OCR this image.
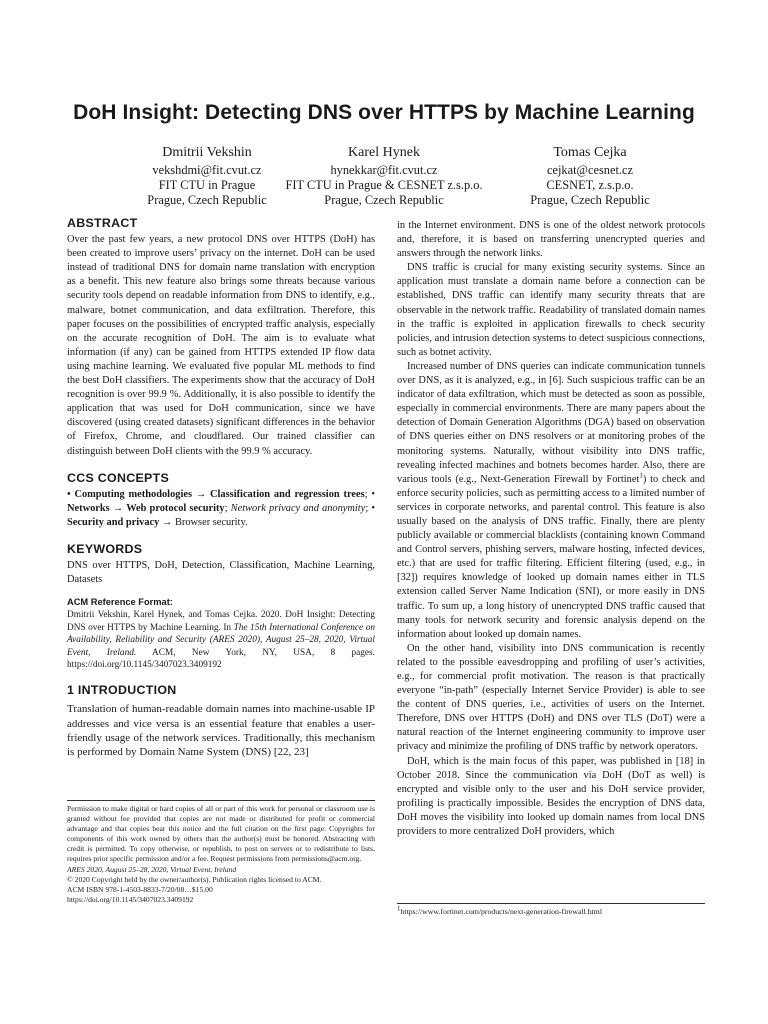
DoH Insight: Detecting DNS over HTTPS by Machine Learning
Dmitrii Vekshin
vekshdmi@fit.cvut.cz
FIT CTU in Prague
Prague, Czech Republic
Karel Hynek
hynekkar@fit.cvut.cz
FIT CTU in Prague & CESNET z.s.p.o.
Prague, Czech Republic
Tomas Cejka
cejkat@cesnet.cz
CESNET, z.s.p.o.
Prague, Czech Republic
ABSTRACT

Over the past few years, a new protocol DNS over HTTPS (DoH) has been created to improve users’ privacy on the internet. DoH can be used instead of traditional DNS for domain name translation with encryption as a benefit. This new feature also brings some threats because various security tools depend on readable information from DNS to identify, e.g., malware, botnet communication, and data exfiltration. Therefore, this paper focuses on the possibilities of encrypted traffic analysis, especially on the accurate recognition of DoH. The aim is to evaluate what information (if any) can be gained from HTTPS extended IP flow data using machine learning. We evaluated five popular ML methods to find the best DoH classifiers. The experiments show that the accuracy of DoH recognition is over 99.9 %. Additionally, it is also possible to identify the application that was used for DoH communication, since we have discovered (using created datasets) significant differences in the behavior of Firefox, Chrome, and cloudflared. Our trained classifier can distinguish between DoH clients with the 99.9 % accuracy.

CCS CONCEPTS

• Computing methodologies → Classification and regression trees; • Networks → Web protocol security; Network privacy and anonymity; • Security and privacy → Browser security.

KEYWORDS

DNS over HTTPS, DoH, Detection, Classification, Machine Learning, Datasets

ACM Reference Format:

Dmitrii Vekshin, Karel Hynek, and Tomas Cejka. 2020. DoH Insight: Detecting DNS over HTTPS by Machine Learning. In The 15th International Conference on Availability, Reliability and Security (ARES 2020), August 25–28, 2020, Virtual Event, Ireland. ACM, New York, NY, USA, 8 pages. https://doi.org/10.1145/3407023.3409192

1 INTRODUCTION

Translation of human-readable domain names into machine-usable IP addresses and vice versa is an essential feature that enables a user-friendly usage of the network services. Traditionally, this mechanism is performed by Domain Name System (DNS) [22, 23]

Permission to make digital or hard copies of all or part of this work for personal or classroom use is granted without fee provided that copies are not made or distributed for profit or commercial advantage and that copies bear this notice and the full citation on the first page. Copyrights for components of this work owned by others than the author(s) must be honored. Abstracting with credit is permitted. To copy otherwise, or republish, to post on servers or to redistribute to lists, requires prior specific permission and/or a fee. Request permissions from permissions@acm.org.

ARES 2020, August 25–28, 2020, Virtual Event, Ireland

© 2020 Copyright held by the owner/author(s). Publication rights licensed to ACM.

ACM ISBN 978-1-4503-8833-7/20/08…$15.00

https://doi.org/10.1145/3407023.3409192

in the Internet environment. DNS is one of the oldest network protocols and, therefore, it is based on transferring unencrypted queries and answers through the network links.

DNS traffic is crucial for many existing security systems. Since an application must translate a domain name before a connection can be established, DNS traffic can identify many security threats that are observable in the network traffic. Readability of translated domain names in the traffic is exploited in application firewalls to check security policies, and intrusion detection systems to detect suspicious connections, such as botnet activity.

Increased number of DNS queries can indicate communication tunnels over DNS, as it is analyzed, e.g., in [6]. Such suspicious traffic can be an indicator of data exfiltration, which must be detected as soon as possible, especially in commercial environments. There are many papers about the detection of Domain Generation Algorithms (DGA) based on observation of DNS queries either on DNS resolvers or at monitoring probes of the monitoring systems. Naturally, without visibility into DNS traffic, revealing infected machines and botnets becomes harder. Also, there are various tools (e.g., Next-Generation Firewall by Fortinet$^1$) to check and enforce security policies, such as permitting access to a limited number of services in corporate networks, and parental control. This feature is also usually based on the analysis of DNS traffic. Finally, there are plenty publicly available or commercial blacklists (containing known Command and Control servers, phishing servers, malware hosting, infected devices, etc.) that are used for traffic filtering. Efficient filtering (used, e.g., in [32]) requires knowledge of looked up domain names either in TLS extension called Server Name Indication (SNI), or more easily in DNS traffic. To sum up, a long history of unencrypted DNS traffic caused that many tools for network security and forensic analysis depend on the information about looked up domain names.

On the other hand, visibility into DNS communication is recently related to the possible eavesdropping and profiling of user’s activities, e.g., for commercial profit motivation. The reason is that practically everyone “in-path” (especially Internet Service Provider) is able to see the content of DNS queries, i.e., activities of users on the Internet. Therefore, DNS over HTTPS (DoH) and DNS over TLS (DoT) were a natural reaction of the Internet engineering community to improve user privacy and minimize the profiling of DNS traffic by network operators.

DoH, which is the main focus of this paper, was published in [18] in October 2018. Since the communication via DoH (DoT as well) is encrypted and visible only to the user and his DoH service provider, profiling is practically impossible. Besides the encryption of DNS data, DoH moves the visibility into looked up domain names from local DNS providers to more centralized DoH providers, which

$^1$https://www.fortinet.com/products/next-generation-firewall.html
